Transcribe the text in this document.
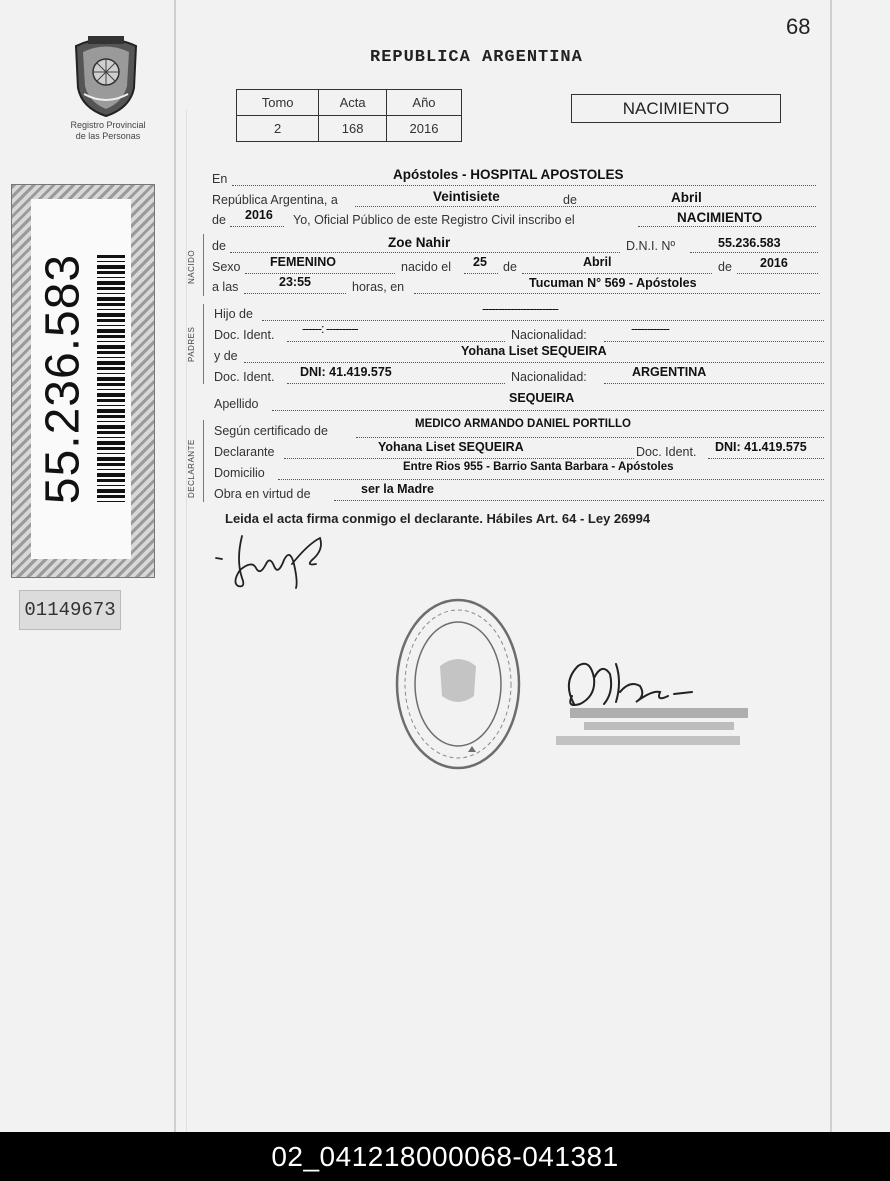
68
Registro Provincial
de las Personas
REPUBLICA ARGENTINA
Tomo	Acta	Año
2	168	2016
NACIMIENTO
55.236.583
01149673
NACIDO
PADRES
DECLARANTE
En	Apóstoles - HOSPITAL APOSTOLES
República Argentina, a	Veintisiete	de	Abril
de 2016 Yo, Oficial Público de este Registro Civil inscribo el	NACIMIENTO
de	Zoe Nahir	D.N.I. Nº	55.236.583
Sexo FEMENINO	nacido el 25 de	Abril	de 2016
a las	23:55	horas, en	Tucuman N° 569 - Apóstoles
Hijo de	------------------------
Doc. Ident. ------: ----------	Nacionalidad:	------------
y de	Yohana Liset SEQUEIRA
Doc. Ident. DNI: 41.419.575	Nacionalidad:	ARGENTINA
Apellido	SEQUEIRA
Según certificado de	MEDICO ARMANDO DANIEL PORTILLO
Declarante	Yohana Liset SEQUEIRA	Doc. Ident. DNI: 41.419.575
Domicilio	Entre Rios 955 - Barrio Santa Barbara - Apóstoles
Obra en virtud de	ser la Madre
Leida el acta firma conmigo el declarante. Hábiles Art. 64 - Ley 26994
02_041218000068-041381
